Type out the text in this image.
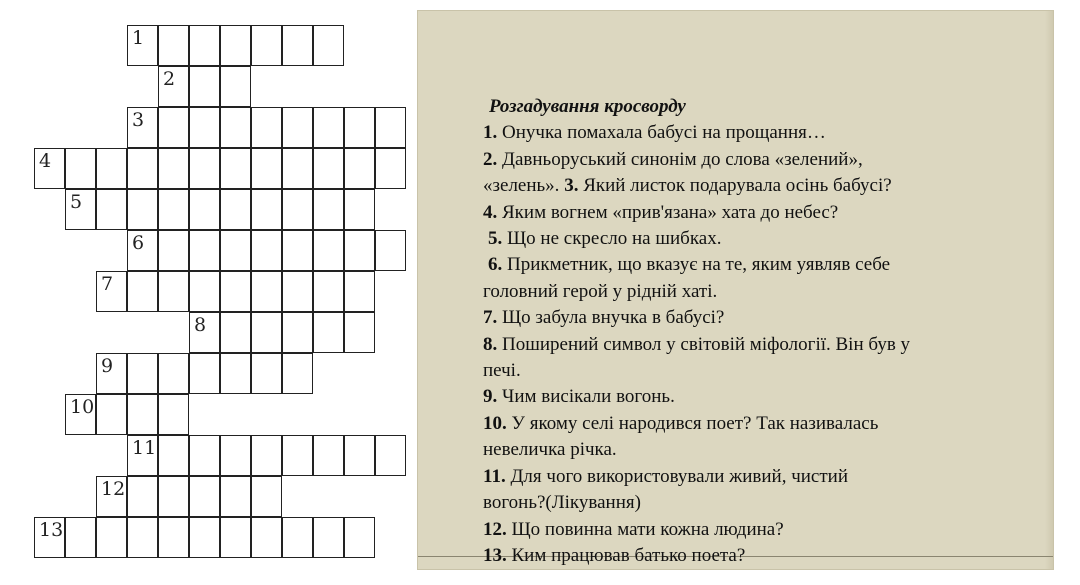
1
2
3
4
5
6
7
8
9
10
11
12
13
Розгадування кросворду
1. Онучка помахала бабусі на прощання…
2. Давньоруський синонім до слова «зелений»,
«зелень». 3. Який листок подарувала осінь бабусі?
4. Яким вогнем «прив'язана» хата до небес?
5. Що не скресло на шибках.
6. Прикметник, що вказує на те, яким уявляв себе
головний герой у рідній хаті.
7. Що забула внучка в бабусі?
8. Поширений символ у світовій міфології. Він був у
печі.
9. Чим висікали вогонь.
10. У якому селі народився поет? Так називалась
невеличка річка.
11. Для чого використовували живий, чистий
вогонь?(Лікування)
12. Що повинна мати кожна людина?
13. Ким працював батько поета?
